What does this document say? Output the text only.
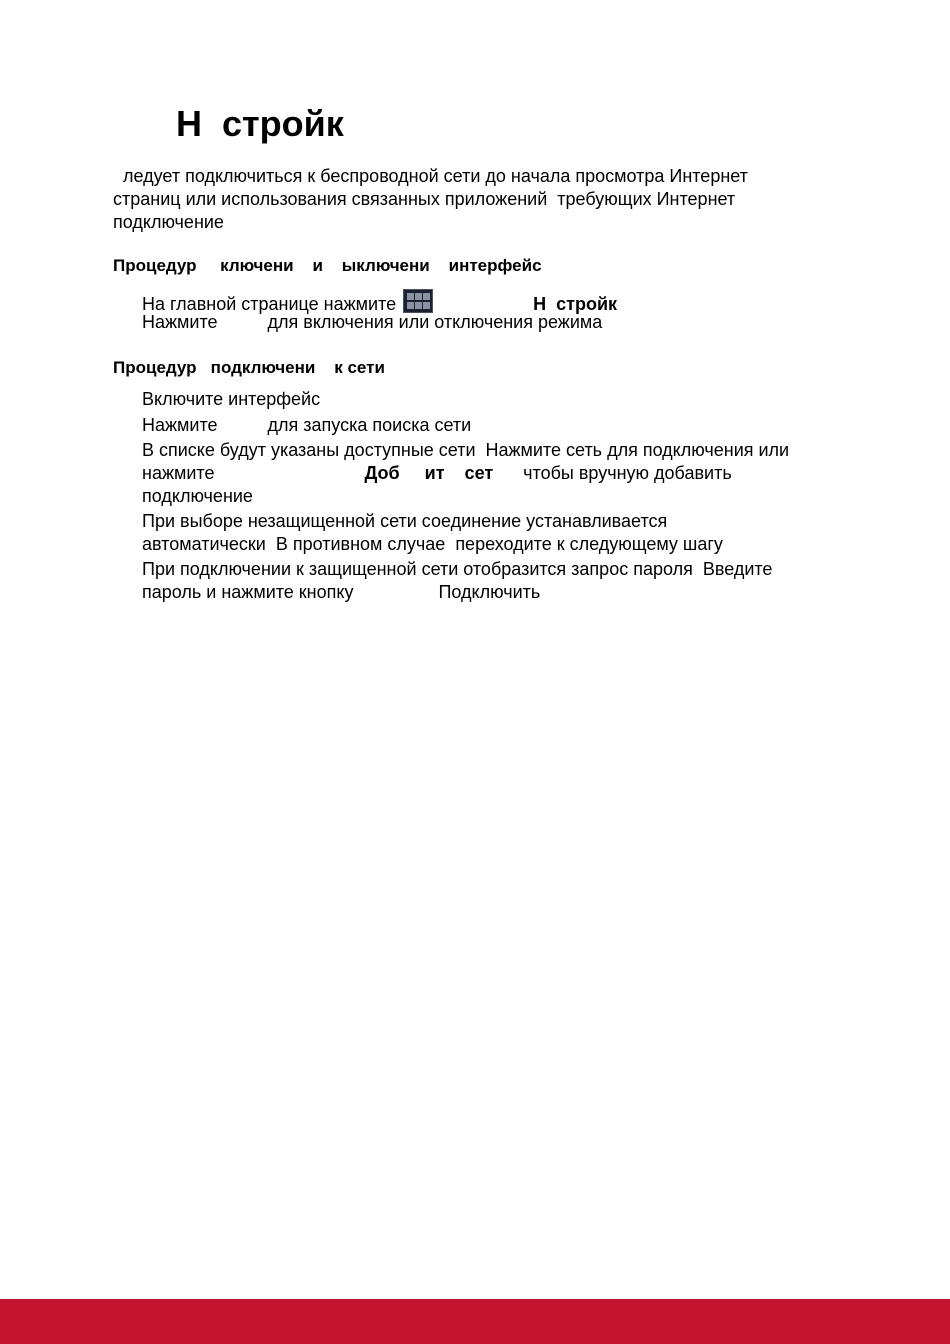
Н  стройк
ледует подключиться к беспроводной сети до начала просмотра Интернет
страниц или использования связанных приложений  требующих Интернет
подключение
Процедур     ключени    и    ыключени    интерфейс
На главной странице нажмите	Н  стройк
Нажмите          для включения или отключения режима
Процедур   подключени    к сети
Включите интерфейс
Нажмите          для запуска поиска сети
В списке будут указаны доступные сети  Нажмите сеть для подключения или
нажмите                              Доб     ит    сет      чтобы вручную добавить
подключение
При выборе незащищенной сети соединение устанавливается
автоматически  В противном случае  переходите к следующему шагу
При подключении к защищенной сети отобразится запрос пароля  Введите
пароль и нажмите кнопку                 Подключить
